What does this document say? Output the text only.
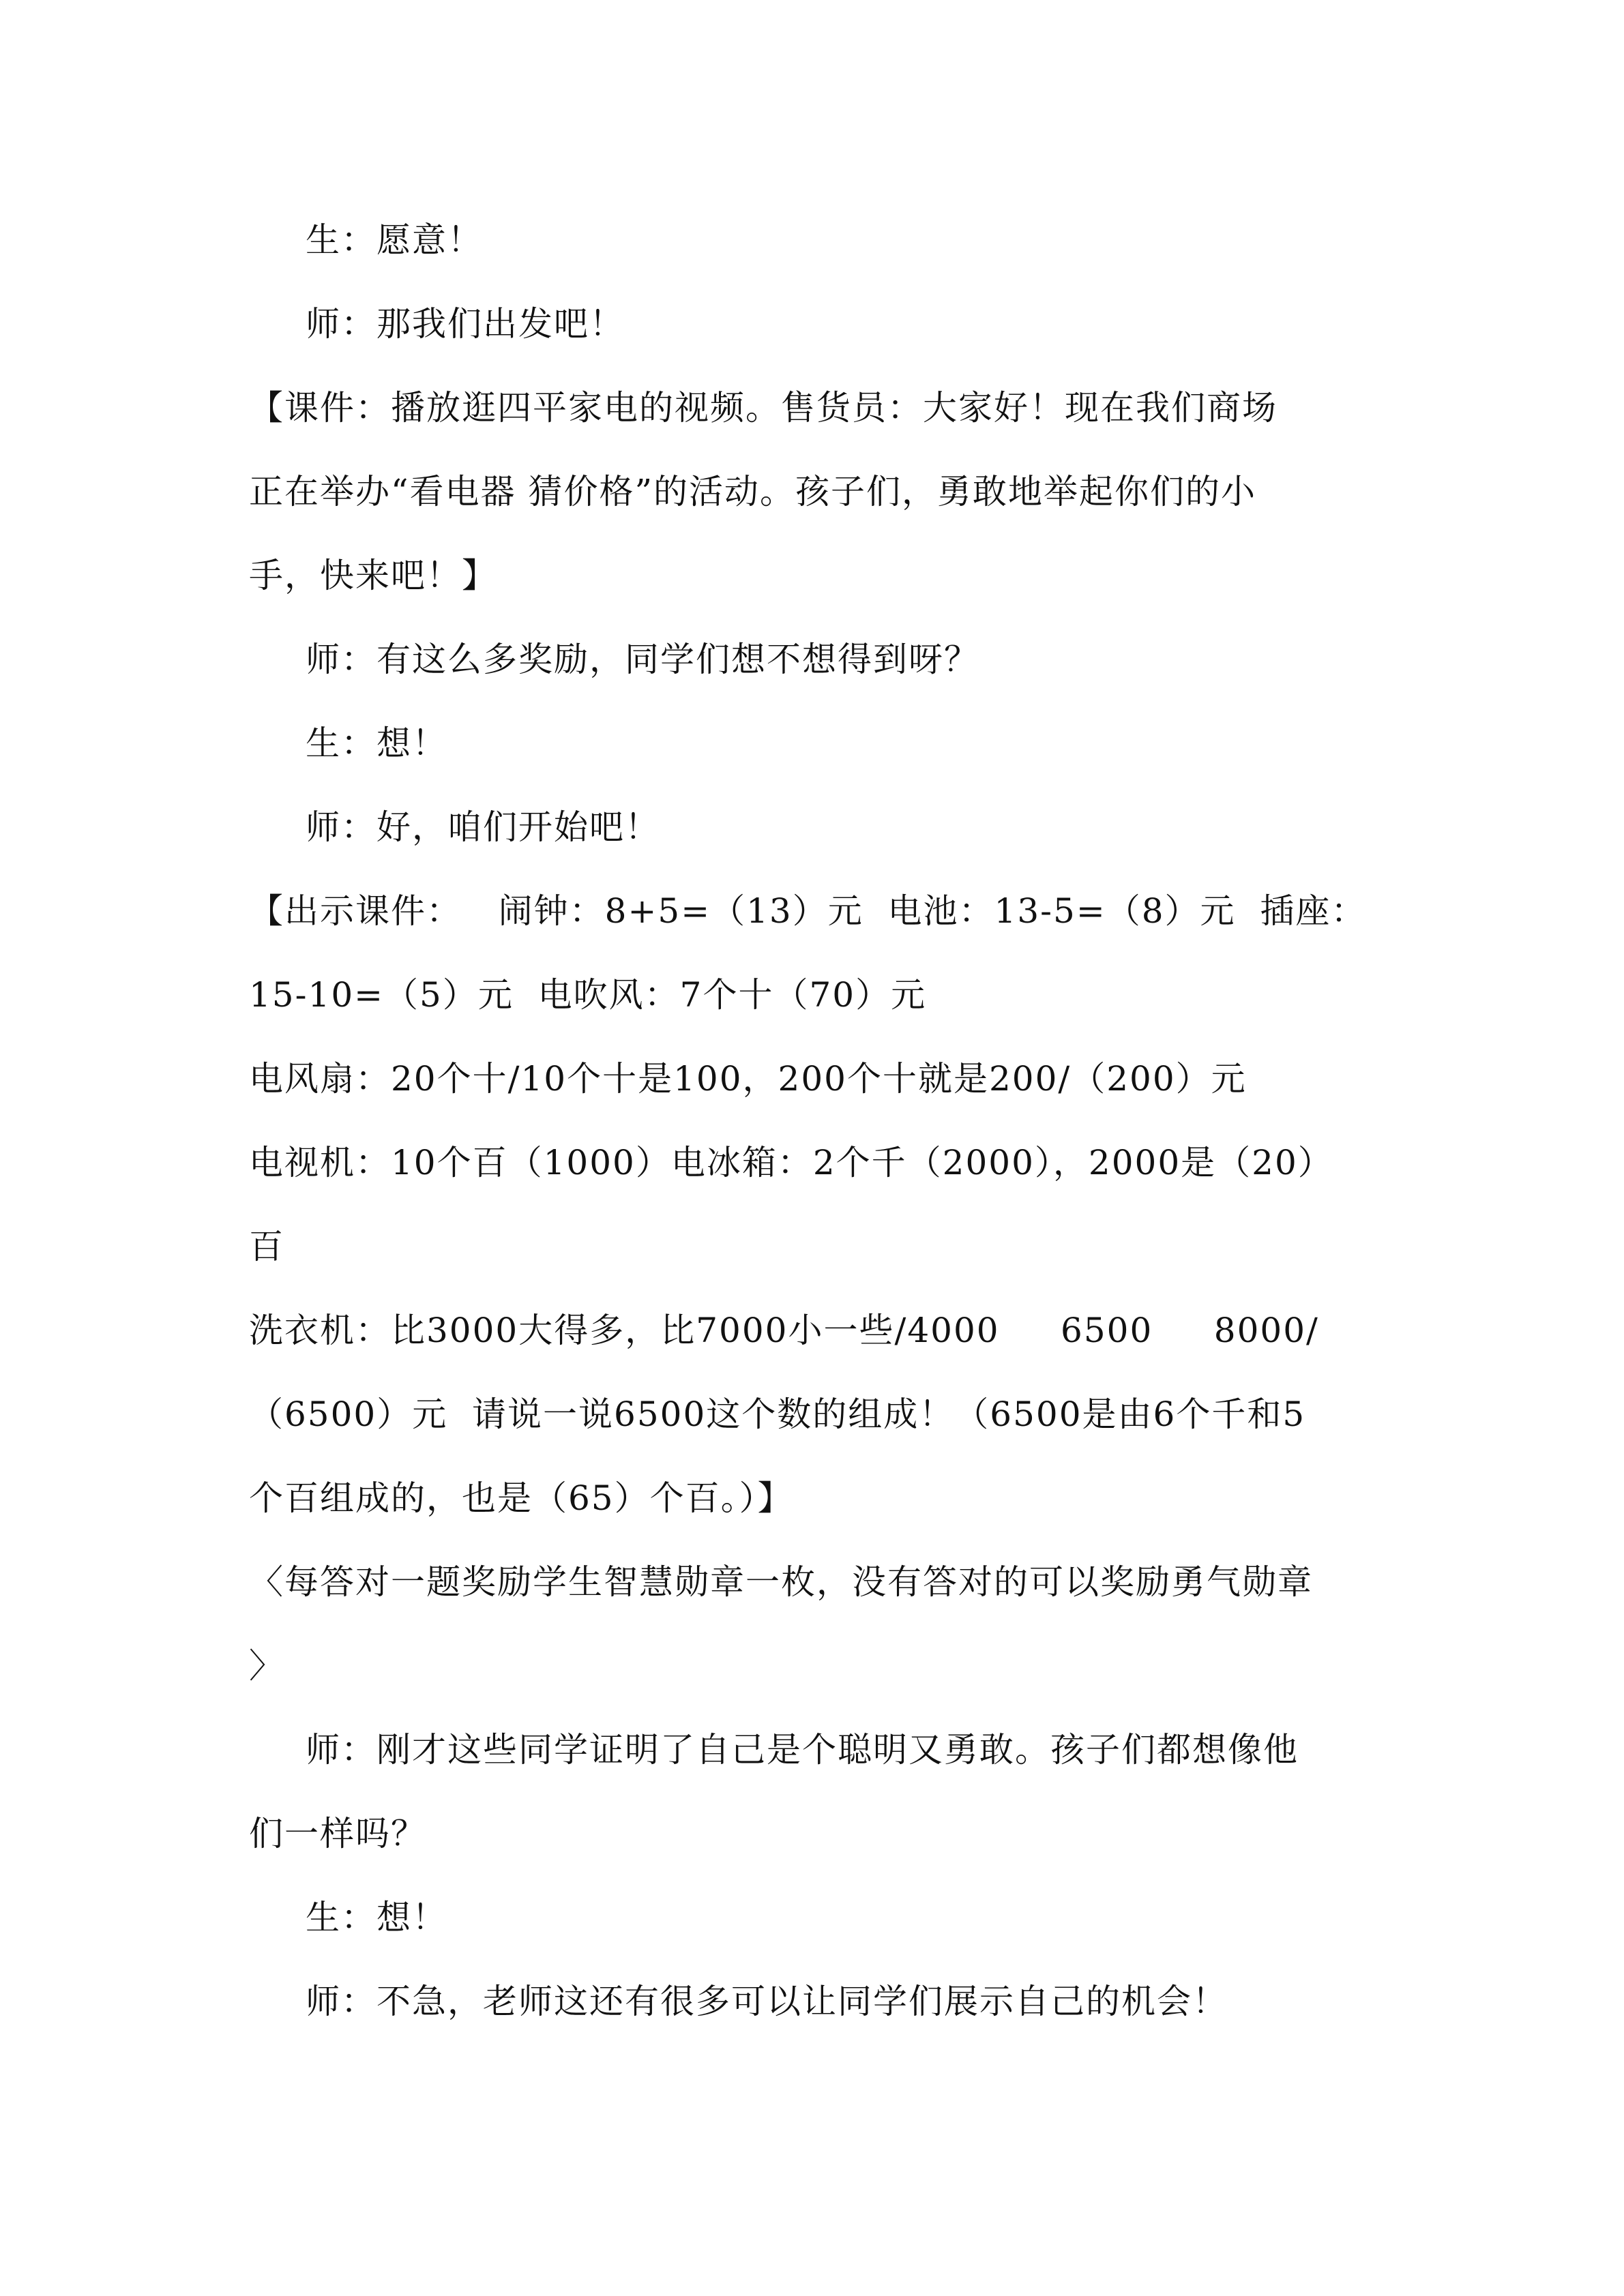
生：愿意！

师：那我们出发吧！

【课件：播放逛四平家电的视频。售货员：大家好！现在我们商场

正在举办“看电器 猜价格”的活动。孩子们，勇敢地举起你们的小

手，快来吧！】

师：有这么多奖励，同学们想不想得到呀？

生：想！

师：好，咱们开始吧！

【出示课件：   闹钟：8+5=（13）元  电池：13-5=（8）元  插座：

15-10=（5）元  电吹风：7个十（70）元

电风扇：20个十/10个十是100，200个十就是200/（200）元

电视机：10个百（1000）电冰箱：2个千（2000），2000是（20）

百

洗衣机：比3000大得多，比7000小一些/4000     6500     8000/

（6500）元  请说一说6500这个数的组成！（6500是由6个千和5

个百组成的，也是（65）个百。）】

〈每答对一题奖励学生智慧勋章一枚，没有答对的可以奖励勇气勋章

〉

师：刚才这些同学证明了自己是个聪明又勇敢。孩子们都想像他

们一样吗？

生：想！

师：不急，老师这还有很多可以让同学们展示自己的机会！
